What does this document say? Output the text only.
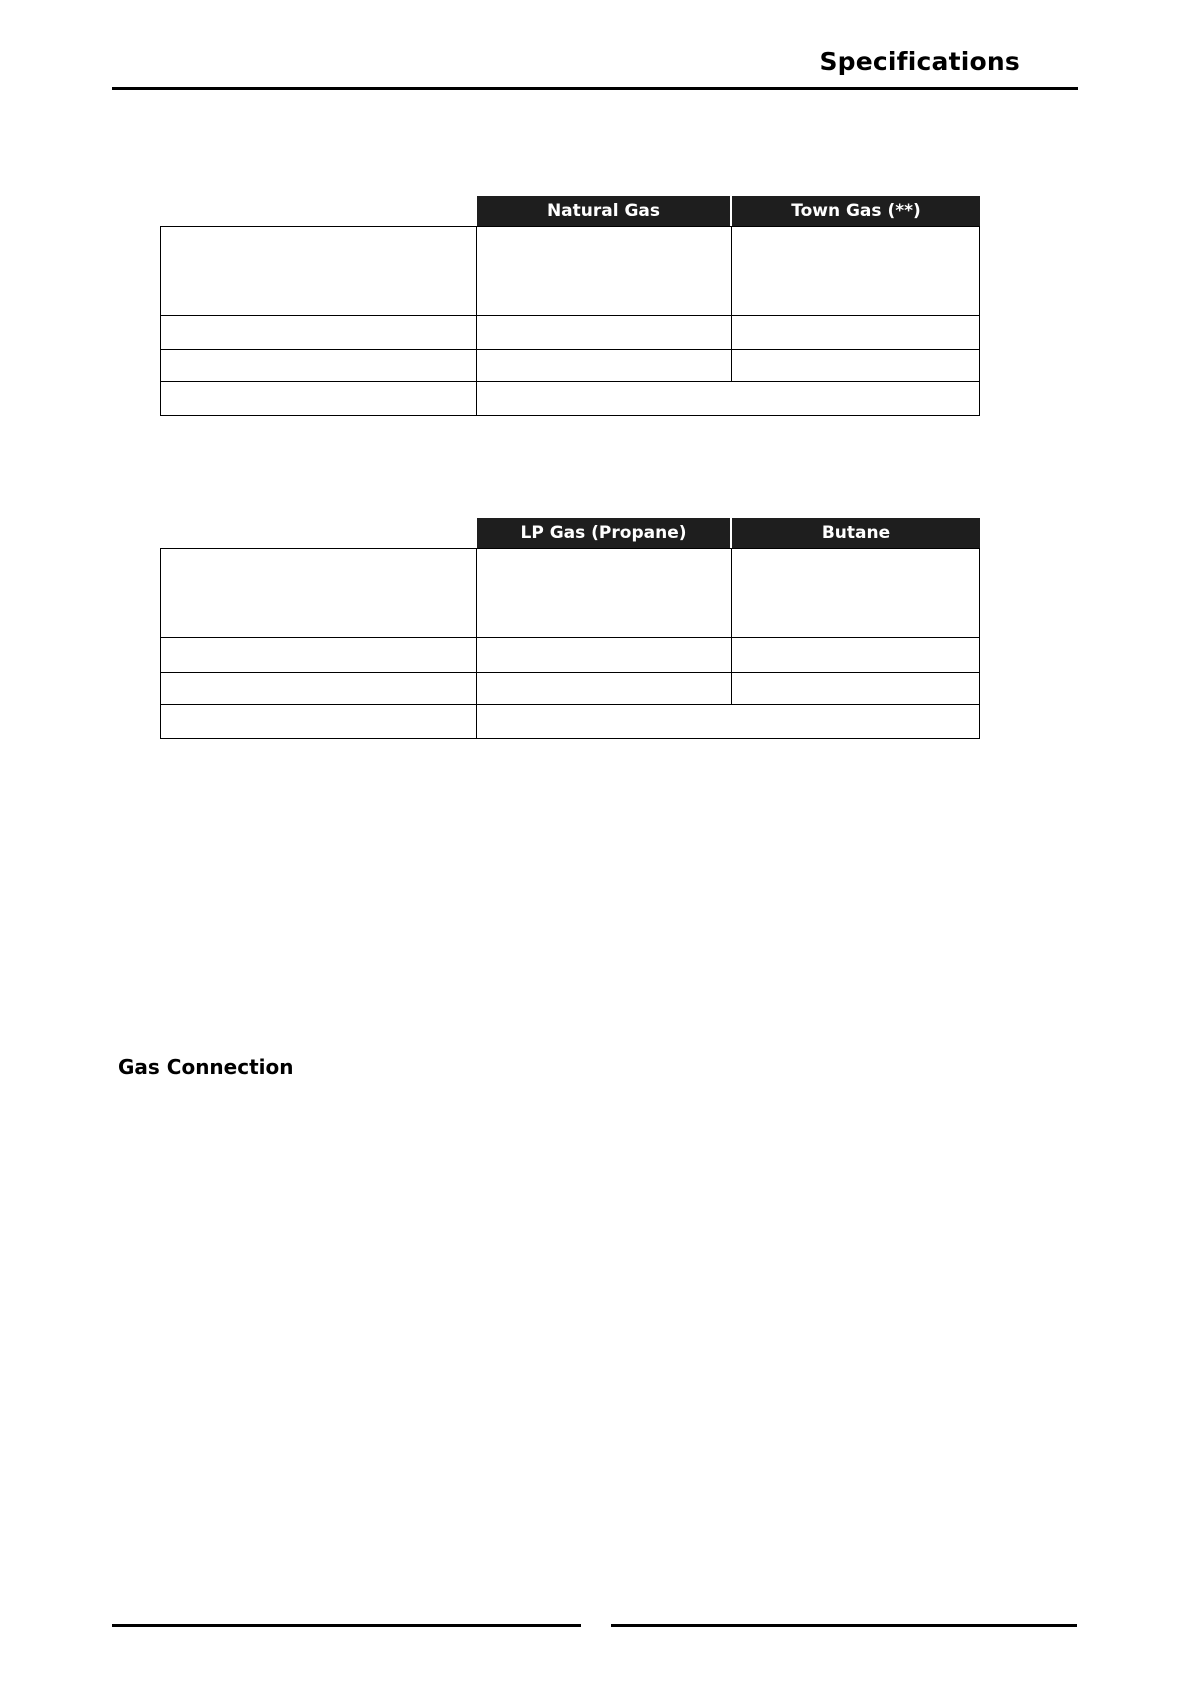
Specifications
Natural Gas	Town Gas (**)
LP Gas (Propane)	Butane
Gas Connection
